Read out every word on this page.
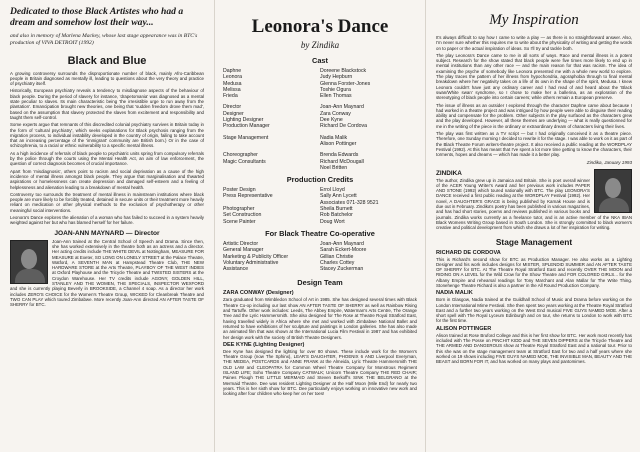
Dedicated to those Black Artistes who had a dream and somehow lost their way...

and also in memory of Marlena Mackey, whose last stage appearance was in BTC's production of VIVA DETROIT (1992)

Black and Blue

A growing controversy surrounds the disproportionate number of black, mainly Afro-Caribbean people in Britain diagnosed as mentally ill, leading to questions about the very theory and practice of psychiatry itself.

Historically, European psychiatry reveals a tendency to misdiagnose aspects of the behaviour of black people. During the period of slavery for instance, 'drapetomania' was diagnosed as a mental state peculiar to slaves. Its main characteristic being 'the irresistible urge to run away from the plantation'. Emancipation brought new theories, one being that 'sudden freedom drove them mad', based on the assumption that slavery protected the slaves from excitement and responsibility and taught them self-control.

Some experts argue that remnants of this discredited colonial psychiatry survives in Britain today in the form of 'cultural psychiatry', which seeks explanations for Black psychosis ranging from the migration process, to individual instability developed in the country of origin, failing to take account that an increasing percentage of the 'immigrant' community are British born.) Or in the case of schizophrenia, to a racial or ethnic vulnerability to a specific mental illness.

As a high incidence of referrals of black people to psychiatric units spring from compulsory referrals by the police through the courts using the Mental Health Act, an aim of law enforcement, the question of correct diagnosis becomes of crucial importance.

Apart from 'misdiagnosis', others point to racism and social deprivation as a cause of the high incidence of mental illness amongst black people. They argue that marginalisation and thwarted aspirations or homelessness can create depression and damaged self-esteem and a feeling of helplessness and alienation leading to a breakdown of mental health.

Controversy too surrounds the treatment of mental illness in mainstream institutions where black people are more likely to be forcibly treated, detained in secure units or their treatment more heavily reliant on medication or other physical methods to the exclusion of psychotherapy or other meaningful social interventions.

Leonora's Dance explores the alienation of a woman who has failed to succeed in a system heavily weighted against her but who has blamed herself for her failure.

JOAN-ANN MAYNARD — Director

Joan-Ann trained at the Central School of Speech and Drama. Since then, she has worked extensively in the theatre both as an actress and a director. Her acting credits include THE WHITE DEVIL at Nottingham, MEASURE FOR MEASURE at Exeter, SO LONG ON LONELY STREET at the Palace Theatre, Watford, A SEVENTH MAN at Hampstead Theatre Club, THE NEW HARDWARE STORE at the Arts Theatre, PLAYBOY OF THE WEST INDIES at Oxford Playhouse and the Tricycle Theatre and TWISTED SISTERS at the Croydon Warehouse. Her TV credits include AGONY, GOLDEN HILL, STANLEY AND THE WOMEN, THE SPECIALS, INSPECTOR WEXFORD and she is currently playing Beverly in BROOKSIDE, a Channel 4 soap. As a director her work includes ZERO'S CHOICE for the Women's Theatre Group, WICKED for Cleanbreak Theatre and TWO CAN PLAY which toured Zimbabwe. More recently Joan-Ann directed AN AFTER TASTE OF SHERRY for BTC.

Leonora's Dance
by Zindika
Cast
Daphne
Leonora
Medusa
Melissa
Frieda
Director
Designer
Lighting Designer
Production Manager
Stage Management

Choreographer
Magic Consultants
Doreene Blackstock
Judy Hepburn
Glenna Forster-Jones
Toshie Ogura
Ellen Thomas
Joan-Ann Maynard
Zara Conway
Dee Kyne
Richard De Cordova
Nadia Malik
Alison Pottinger
Brenda Edwards
Richard McDougall
Noel Britten
Production Credits
Poster Design
Press Representative

Photographer
Set Construction
Scene Painter
Errol Lloyd
Sally Ann Lycett
Associates 071-328 9521
Sheila Burnett
Rob Batchelor
Doug Wort
For Black Theatre Co-operative
Artistic Director
General Manager
Marketing & Publicity Officer
Voluntary Administrative
Assistance
Joan-Ann Maynard
Sarah Eckert-Moore
Gillian Christie
Charles Cottey
Stacey Zuckerman
Design Team
ZARA CONWAY (Designer)

Zara graduated from Wimbledon School of Art in 1985. She has designed several times with Black Theatre Co-op including our last show AN AFTER TASTE OF SHERRY as well as Rainbow Rising and Tartuffe. Other work includes: Leeds, The Abbey Empire, Waterman's Arts Centre, The Orange Tree and the Lyric Hammersmith. She also designed for The Rose at Theatre Royal Stratford East, having travelled widely in Africa where she met and worked with Zimbabwe National Ballet and returned to have exhibitions of her sculpture and paintings in London galleries. She has also made an animated film that was shown at the International Lucia Film Festival in 1987 and has exhibited her design work with the society of British Theatre Designers.

DEE KYNE (Lighting Designer)

Dee Kyne has designed the lighting for over 80 shows. These include work for the Women's Theatre Group (now The Sphinx), LEAR'S DAUGHTER, PHOENIX 6 AND Liverpool Everyman, THE MEDEA, POSTCARDS and ANNE FRANK at the Almeida, Lyric Theatre Hammersmith THE OLD LAW and CLEOPATRA for Common Wheel Theatre Company for Monstrous Regiment ISLAND LIFE; Soho Theatre Company CATWALK; Unicorn Theatre Company THE RED CHAIR; Paines Plough THE LITTLE MERMAID and Steven Berkoff's SINK THE BELGRANO at the Mermaid Theatre. Dee was resident Lighting Designer at the Half Moon (Mile End) for nearly two years. This is her sixth show for BTC. Dee particularly enjoys working on innovative new work and looking after four children who keep her on her toes!

My Inspiration

It's always difficult to say how I came to write a play — as there is no straightforward answer. Also, I'm never sure whether this requires me to write about the physicality of writing and getting the words on to paper or the actual inspiration of ideas. So I'll try and tackle both.

The play Leonora's Dance came to me in all sorts of ways. Race and mental illness is a potent subject. Research for the show stated that black people were five times more likely to end up in mental institutions than any other race — and the main reason for that was racism. The idea of examining the psyche of somebody like Leonora presented me with a whole new world to explore. The play traces the pattern of her illness from hypochondria, agoraphobia through to final mental breakdown where her negativity takes on a life of its own in the shape of the spirit, Medusa. I knew Leonora couldn't have just any ordinary career and I had read of and heard about the 'Black swan/White swan' syndrome, so I chose to make her a ballerina, as an exploration of the stereotyping of black people into certain careers; while others remain a European preserve.

The issue of illness as an outsider I explored through the character Daphne came about because I had worked in a theatre project and was intrigued by how people were able to disguise their reading ability and compensate for the problem. Other subjects in the play surfaced as the characters grew and the play developed. However, all these themes are underlying — what is really questionned for me in the writing of the piece is the ordinary or extraordinary dream of characters living their lives.

The play was first written as a TV script — but I had originally conceived it as a theatre piece. Therefore, one Sunday morning I decided to rewrite it for the stage. I was able to work on it as part of the Black Theatre Forum writers-theatre project. It also received a public reading at the WORDPLAY Festival (1992). At this has meant that I've spent a lot more time getting to know the characters, their torments, hopes and dreams — which has made it a better play.

Zindika, January 1993
ZINDIKA

The author, Zindika grew up in Jamaica and Britain. She is poet overall winner of the ACER Young Writer's Award and her previous work includes PAPER AND STONE (1992) which toured nationally with BTC. The play LEONORA'S DANCE received a first public reading at the WORDPLAY Festival (1992). Her novel, A DAUGHTER'S GRACE is being published by Karnak House and is due out in February. Zindika's poetry has been published in various magazines, and has had short stories, poems and reviews published in various books and journals. Zindika works currently as a freelance tutor, and is an active member of the NKA IBAN Black Womens Writing Group based in South London. She is strongly committed to black women's creative and political development from which she draws a lot of her inspiration for writing.

Stage Management
RICHARD DE CORDOVA

This is Richard's second show for BTC as Production Manager. He also works as a Lighting Designer and his work includes designs for MISTER, SPLENDID SUMMER and AN AFTER TASTE OF SHERRY for BTC. At The Theatre Royal Stratford East and recently OVER THE MOON and RIDING ON A LEVEL for the Wild Crow for the Show Theatre and FOR COLORED GIRLS... for the Albany Empire and rehearsal readings for Tony Marchant and Alan Mallar for The Write Thing. Stonehenge Theatre Richard is also a partner in the All Round Production Company.

NADIA MALIK

Born in Glasgow, Nadia trained at the Guildhall School of Music and Drama before working on the London International Mime Festival. She then spent two years working at the Theatre Royal Stratford East and a further two years working on the West End musical FIVE GUYS NAMED MOE. After a short spell with The Royal Lyceum Edinburgh and on tour, she returns to London to work with BTC for the first time.

ALISON POTTINGER

Alison trained at Rose Bruford College and this is her first show for BTC. Her work most recently has included with The Posse on PINCHIT KIDD and THE SEVEN DIPPERS at the Tricycle Theatre and THE ARMED AND DANGEROUS show at Theatre Royal Stratford East and a national tour. Prior to this she was on the stage management team at Stratford East for two and a half years where she worked on 19 shows including FIVE GUYS NAMED MOE, THE INVISIBLE MAN, BEAUTY AND THE BEAST and BORN FOR IT, and has worked on many plays and pantomimes.
